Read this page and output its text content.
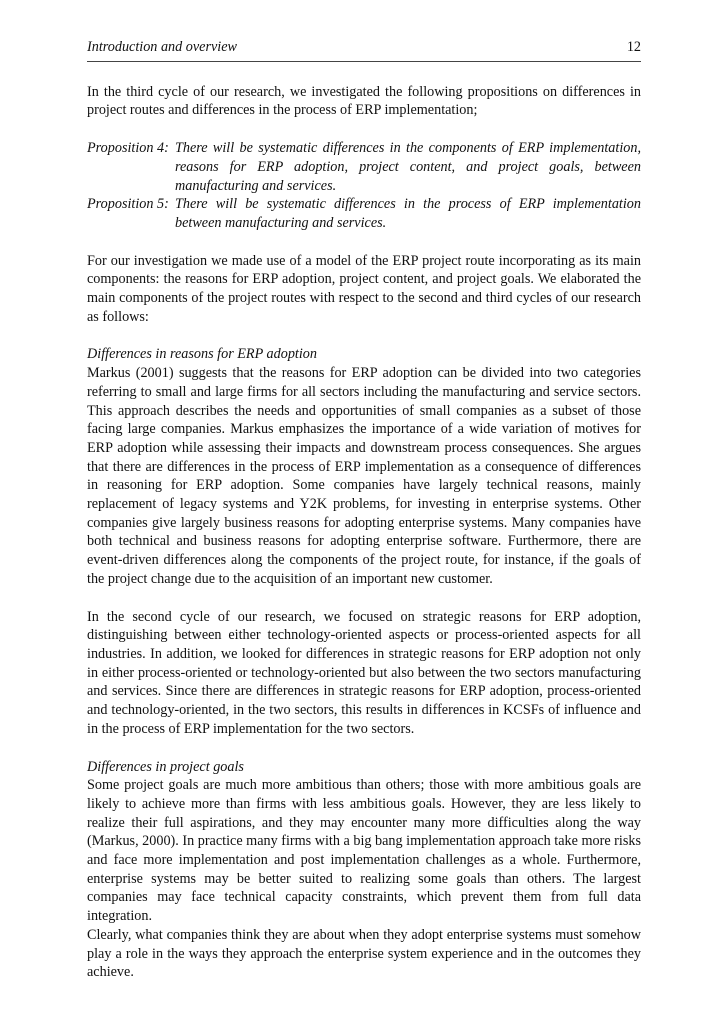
Introduction and overview	12

In the third cycle of our research, we investigated the following propositions on differences in project routes and differences in the process of ERP implementation;

Proposition 4: There will be systematic differences in the components of ERP implementation, reasons for ERP adoption, project content, and project goals, between manufacturing and services.
Proposition 5: There will be systematic differences in the process of ERP implementation between manufacturing and services.

For our investigation we made use of a model of the ERP project route incorporating as its main components: the reasons for ERP adoption, project content, and project goals. We elaborated the main components of the project routes with respect to the second and third cycles of our research as follows:

Differences in reasons for ERP adoption

Markus (2001) suggests that the reasons for ERP adoption can be divided into two categories referring to small and large firms for all sectors including the manufacturing and service sectors. This approach describes the needs and opportunities of small companies as a subset of those facing large companies. Markus emphasizes the importance of a wide variation of motives for ERP adoption while assessing their impacts and downstream process consequences. She argues that there are differences in the process of ERP implementation as a consequence of differences in reasoning for ERP adoption. Some companies have largely technical reasons, mainly replacement of legacy systems and Y2K problems, for investing in enterprise systems. Other companies give largely business reasons for adopting enterprise systems. Many companies have both technical and business reasons for adopting enterprise software. Furthermore, there are event-driven differences along the components of the project route, for instance, if the goals of the project change due to the acquisition of an important new customer.

In the second cycle of our research, we focused on strategic reasons for ERP adoption, distinguishing between either technology-oriented aspects or process-oriented aspects for all industries. In addition, we looked for differences in strategic reasons for ERP adoption not only in either process-oriented or technology-oriented but also between the two sectors manufacturing and services. Since there are differences in strategic reasons for ERP adoption, process-oriented and technology-oriented, in the two sectors, this results in differences in KCSFs of influence and in the process of ERP implementation for the two sectors.

Differences in project goals

Some project goals are much more ambitious than others; those with more ambitious goals are likely to achieve more than firms with less ambitious goals. However, they are less likely to realize their full aspirations, and they may encounter many more difficulties along the way (Markus, 2000). In practice many firms with a big bang implementation approach take more risks and face more implementation and post implementation challenges as a whole. Furthermore, enterprise systems may be better suited to realizing some goals than others. The largest companies may face technical capacity constraints, which prevent them from full data integration.

Clearly, what companies think they are about when they adopt enterprise systems must somehow play a role in the ways they approach the enterprise system experience and in the outcomes they achieve.
